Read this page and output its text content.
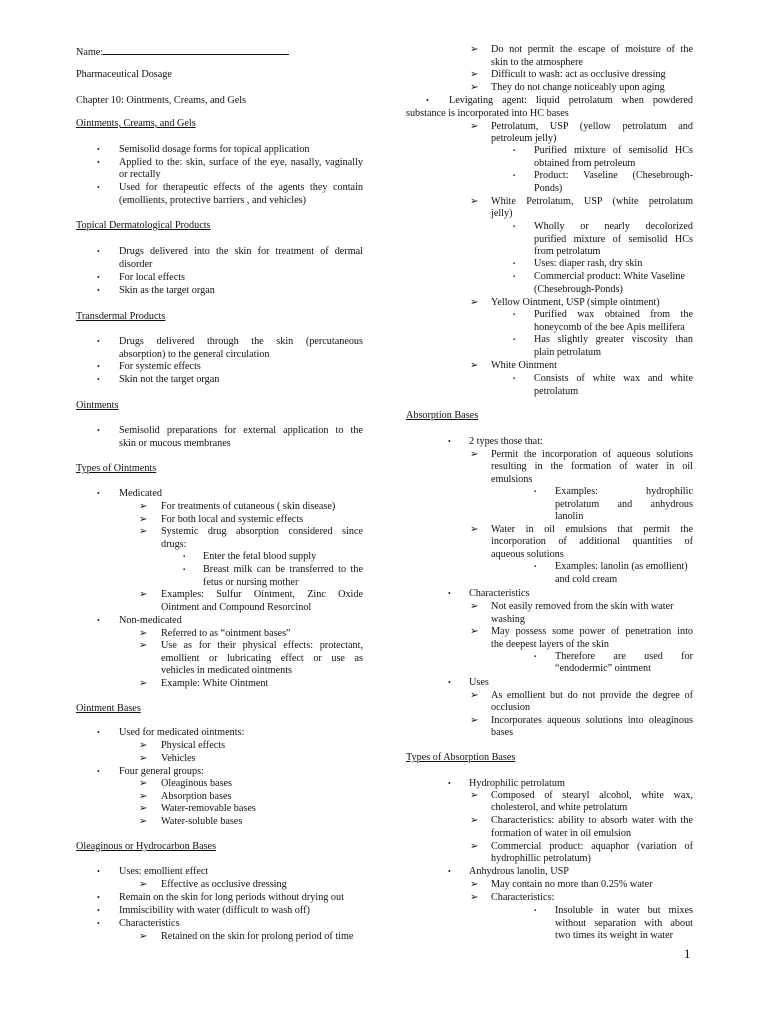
Name:
Pharmaceutical Dosage
Chapter 10: Ointments, Creams, and Gels
Ointments, Creams, and Gels
• Semisolid dosage forms for topical application
• Applied to the: skin, surface of the eye, nasally, vaginally
or rectally
• Used for therapeutic effects of the agents they contain
(emollients, protective barriers , and vehicles)
Topical Dermatological Products
• Drugs delivered into the skin for treatment of dermal
disorder
• For local effects
• Skin as the target organ
Transdermal Products
• Drugs delivered through the skin (percutaneous
absorption) to the general circulation
• For systemic effects
• Skin not the target organ
Ointments
• Semisolid preparations for external application to the
skin or mucous membranes
Types of Ointments
• Medicated
➢ For treatments of cutaneous ( skin disease)
➢ For both local and systemic effects
➢ Systemic drug absorption considered since
drugs:
▪ Enter the fetal blood supply
▪ Breast milk can be transferred to the
fetus or nursing mother
➢ Examples: Sulfur Ointment, Zinc Oxide
Ointment and Compound Resorcinol
• Non-medicated
➢ Referred to as “ointment bases”
➢ Use as for their physical effects: protectant,
emollient or lubricating effect or use as
vehicles in medicated ointments
➢ Example: White Ointment
Ointment Bases
• Used for medicated ointments:
➢ Physical effects
➢ Vehicles
• Four general groups:
➢ Oleaginous bases
➢ Absorption bases
➢ Water-removable bases
➢ Water-soluble bases
Oleaginous or Hydrocarbon Bases
• Uses: emollient effect
➢ Effective as occlusive dressing
• Remain on the skin for long periods without drying out
• Immiscibility with water (difficult to wash off)
• Characteristics
➢ Retained on the skin for prolong period of time
➢ Do not permit the escape of moisture of the
skin to the atmosphere
➢ Difficult to wash: act as occlusive dressing
➢ They do not change noticeably upon aging
• Levigating agent: liquid petrolatum when powdered
substance is incorporated into HC bases
➢ Petrolatum, USP (yellow petrolatum and
petroleum jelly)
▪ Purified mixture of semisolid HCs
obtained from petroleum
▪ Product: Vaseline (Chesebrough-
Ponds)
➢ White Petrolatum, USP (white petrolatum
jelly)
▪ Wholly or nearly decolorized
purified mixture of semisolid HCs
from petrolatum
▪ Uses: diaper rash, dry skin
▪ Commercial product: White Vaseline
(Chesebrough-Ponds)
➢ Yellow Ointment, USP (simple ointment)
▪ Purified wax obtained from the
honeycomb of the bee Apis mellifera
▪ Has slightly greater viscosity than
plain petrolatum
➢ White Ointment
▪ Consists of white wax and white
petrolatum
Absorption Bases
• 2 types those that:
➢ Permit the incorporation of aqueous solutions
resulting in the formation of water in oil
emulsions
▪ Examples: hydrophilic
petrolatum and anhydrous
lanolin
➢ Water in oil emulsions that permit the
incorporation of additional quantities of
aqueous solutions
▪ Examples: lanolin (as emollient)
and cold cream
• Characteristics
➢ Not easily removed from the skin with water
washing
➢ May possess some power of penetration into
the deepest layers of the skin
▪ Therefore are used for
“endodermic” ointment
• Uses
➢ As emollient but do not provide the degree of
occlusion
➢ Incorporates aqueous solutions into oleaginous
bases
Types of Absorption Bases
• Hydrophilic petrolatum
➢ Composed of stearyl alcohol, white wax,
cholesterol, and white petrolatum
➢ Characteristics: ability to absorb water with the
formation of water in oil emulsion
➢ Commercial product: aquaphor (variation of
hydrophillic petrolatum)
• Anhydrous lanolin, USP
➢ May contain no more than 0.25% water
➢ Characteristics:
▪ Insoluble in water but mixes
without separation with about
two times its weight in water
1
